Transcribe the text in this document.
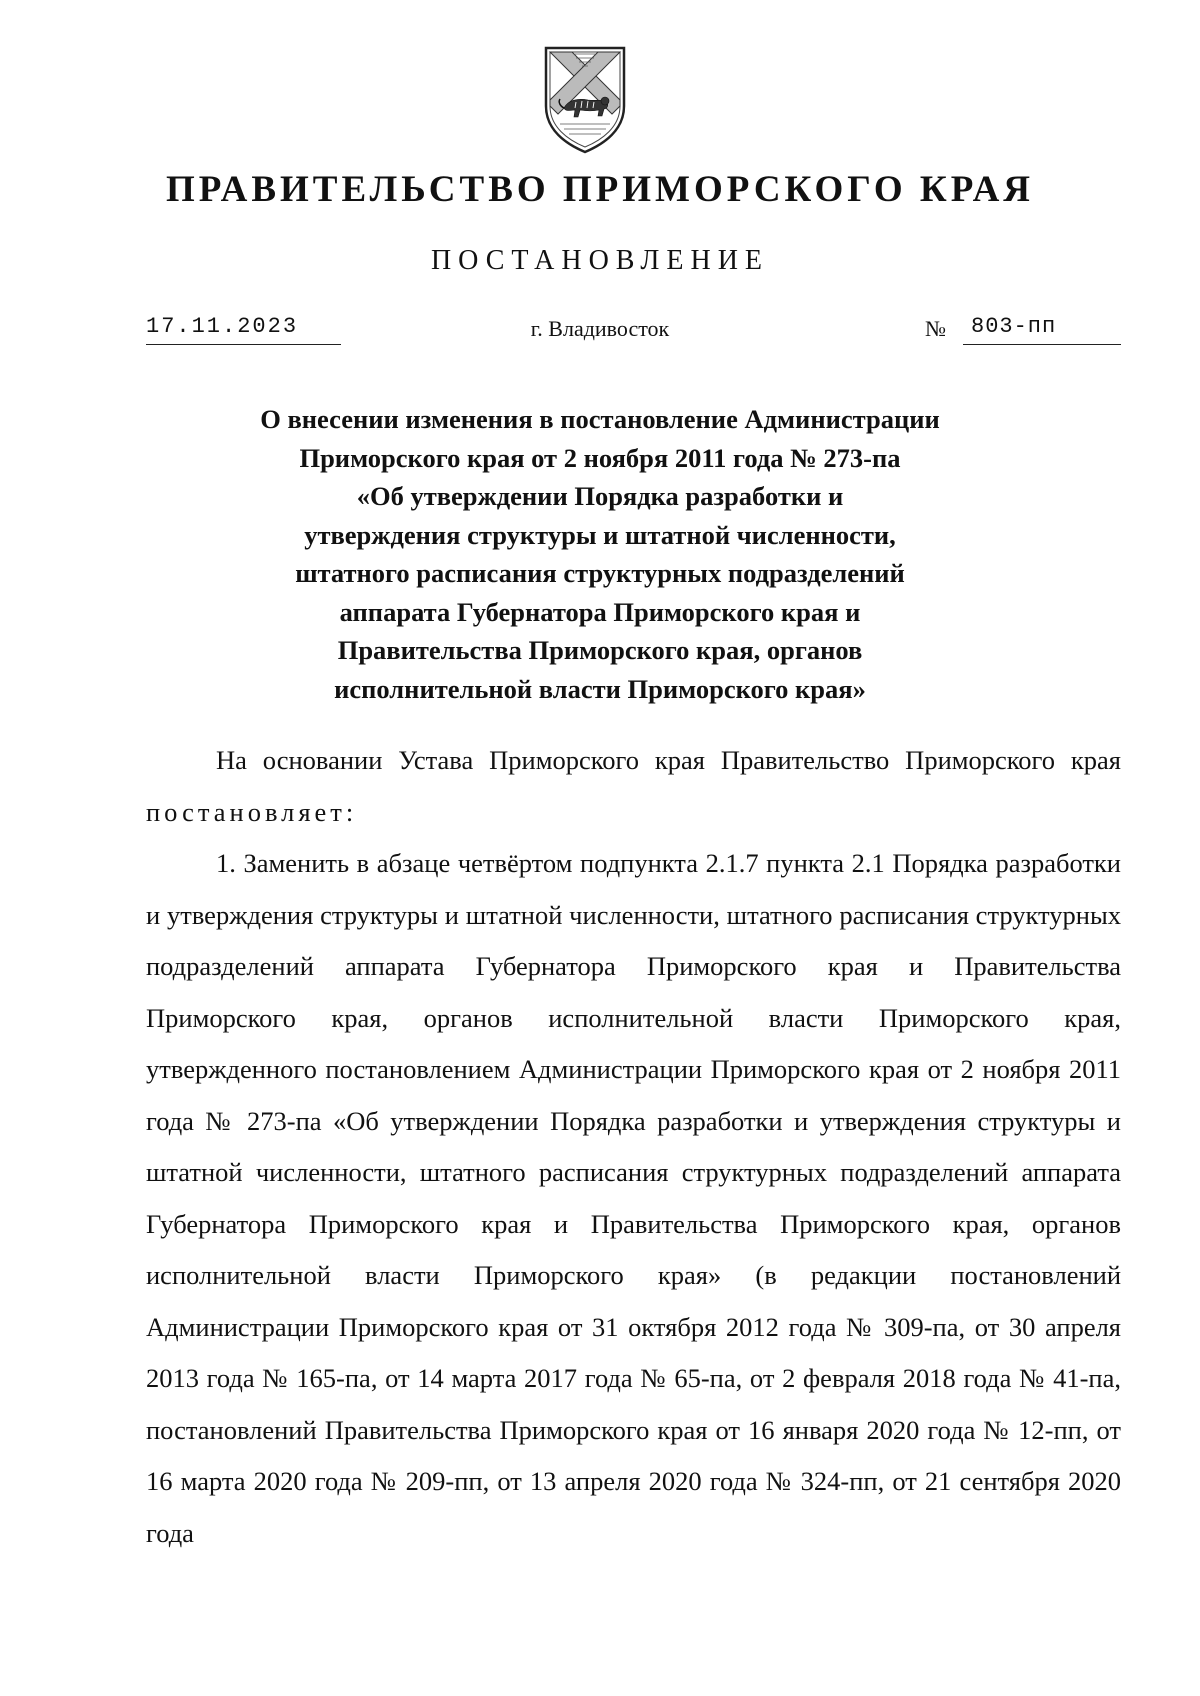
ПРАВИТЕЛЬСТВО ПРИМОРСКОГО КРАЯ
ПОСТАНОВЛЕНИЕ
17.11.2023	г. Владивосток	№	803-пп
О внесении изменения в постановление Администрации
Приморского края от 2 ноября 2011 года № 273-па
«Об утверждении Порядка разработки и
утверждения структуры и штатной численности,
штатного расписания структурных подразделений
аппарата Губернатора Приморского края и
Правительства Приморского края, органов
исполнительной власти Приморского края»

На основании Устава Приморского края Правительство Приморского края постановляет:

1. Заменить в абзаце четвёртом подпункта 2.1.7 пункта 2.1 Порядка разработки и утверждения структуры и штатной численности, штатного расписания структурных подразделений аппарата Губернатора Приморского края и Правительства Приморского края, органов исполнительной власти Приморского края, утвержденного постановлением Администрации Приморского края от 2 ноября 2011 года № 273-па «Об утверждении Порядка разработки и утверждения структуры и штатной численности, штатного расписания структурных подразделений аппарата Губернатора Приморского края и Правительства Приморского края, органов исполнительной власти Приморского края» (в редакции постановлений Администрации Приморского края от 31 октября 2012 года № 309-па, от 30 апреля 2013 года № 165-па, от 14 марта 2017 года № 65-па, от 2 февраля 2018 года № 41-па, постановлений Правительства Приморского края от 16 января 2020 года № 12-пп, от 16 марта 2020 года № 209-пп, от 13 апреля 2020 года № 324-пп, от 21 сентября 2020 года
